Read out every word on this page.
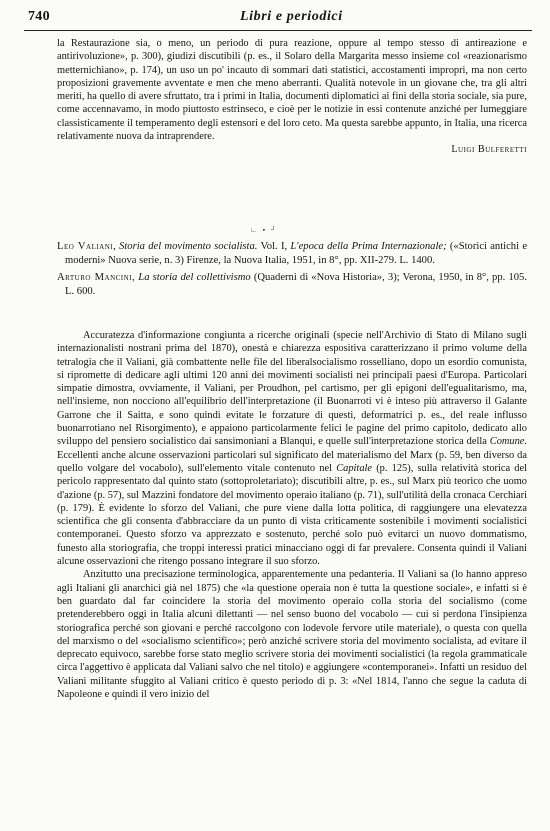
740	Libri e periodici

la Restaurazione sia, o meno, un periodo di pura reazione, oppure al tempo stesso di antireazione e antirivoluzione», p. 300), giudizi discutibili (p. es., il Solaro della Margarita messo insieme col «reazionarismo metternichiano», p. 174), un uso un po' incauto di sommari dati statistici, accostamenti impropri, ma non certo proposizioni gravemente avventate e men che meno aberranti. Qualità notevole in un giovane che, tra gli altri meriti, ha quello di avere sfruttato, tra i primi in Italia, documenti diplomatici ai fini della storia sociale, sia pure, come accennavamo, in modo piuttosto estrinseco, e cioè per le notizie in essi contenute anziché per lumeggiare classisticamente il temperamento degli estensori e del loro ceto. Ma questa sarebbe appunto, in Italia, una ricerca relativamente nuova da intraprendere.

Luigi Bulferetti

∟ ▪ ┘

Leo Valiani, Storia del movimento socialista. Vol. I, L'epoca della Prima Internazionale; («Storici antichi e moderni» Nuova serie, n. 3) Firenze, la Nuova Italia, 1951, in 8°, pp. XII-279. L. 1400.

Arturo Mancini, La storia del collettivismo (Quaderni di «Nova Historia», 3); Verona, 1950, in 8°, pp. 105. L. 600.

Accuratezza d'informazione congiunta a ricerche originali (specie nell'Archivio di Stato di Milano sugli internazionalisti nostrani prima del 1870), onestà e chiarezza espositiva caratterizzano il primo volume della tetralogia che il Valiani, già combattente nelle file del liberalsocialismo rosselliano, dopo un esordio comunista, si ripromette di dedicare agli ultimi 120 anni dei movimenti socialisti nei principali paesi d'Europa. Particolari simpatie dimostra, ovviamente, il Valiani, per Proudhon, pel cartismo, per gli epigoni dell'egualitarismo, ma, nell'insieme, non nocciono all'equilibrio dell'interpretazione (il Buonarroti vi è inteso più attraverso il Galante Garrone che il Saitta, e sono quindi evitate le forzature di questi, deformatrici p. es., del reale influsso buonarrotiano nel Risorgimento), e appaiono particolarmente felici le pagine del primo capitolo, dedicato allo sviluppo del pensiero socialistico dai sansimoniani a Blanqui, e quelle sull'interpretazione storica della Comune. Eccellenti anche alcune osservazioni particolari sul significato del materialismo del Marx (p. 59, ben diverso da quello volgare del vocabolo), sull'elemento vitale contenuto nel Capitale (p. 125), sulla relatività storica del pericolo rappresentato dal quinto stato (sottoproletariato); discutibili altre, p. es., sul Marx più teorico che uomo d'azione (p. 57), sul Mazzini fondatore del movimento operaio italiano (p. 71), sull'utilità della cronaca Cerchiari (p. 179). È evidente lo sforzo del Valiani, che pure viene dalla lotta politica, di raggiungere una elevatezza scientifica che gli consenta d'abbracciare da un punto di vista criticamente sostenibile i movimenti socialistici contemporanei. Questo sforzo va apprezzato e sostenuto, perché solo può evitarci un nuovo dommatismo, funesto alla storiografia, che troppi interessi pratici minacciano oggi di far prevalere. Consenta quindi il Valiani alcune osservazioni che ritengo possano integrare il suo sforzo.

Anzitutto una precisazione terminologica, apparentemente una pedanteria. Il Valiani sa (lo hanno appreso agli Italiani gli anarchici già nel 1875) che «la questione operaia non è tutta la questione sociale», e infatti si è ben guardato dal far coincidere la storia del movimento operaio colla storia del socialismo (come pretenderebbero oggi in Italia alcuni dilettanti — nel senso buono del vocabolo — cui si perdona l'insipienza storiografica perché son giovani e perché raccolgono con lodevole fervore utile materiale), o questa con quella del marxismo o del «socialismo scientifico»; però anziché scrivere storia del movimento socialista, ad evitare il deprecato equivoco, sarebbe forse stato meglio scrivere storia dei movimenti socialistici (la regola grammaticale circa l'aggettivo è applicata dal Valiani salvo che nel titolo) e aggiungere «contemporanei». Infatti un residuo del Valiani militante sfuggito al Valiani critico è questo periodo di p. 3: «Nel 1814, l'anno che segue la caduta di Napoleone e quindi il vero inizio del
